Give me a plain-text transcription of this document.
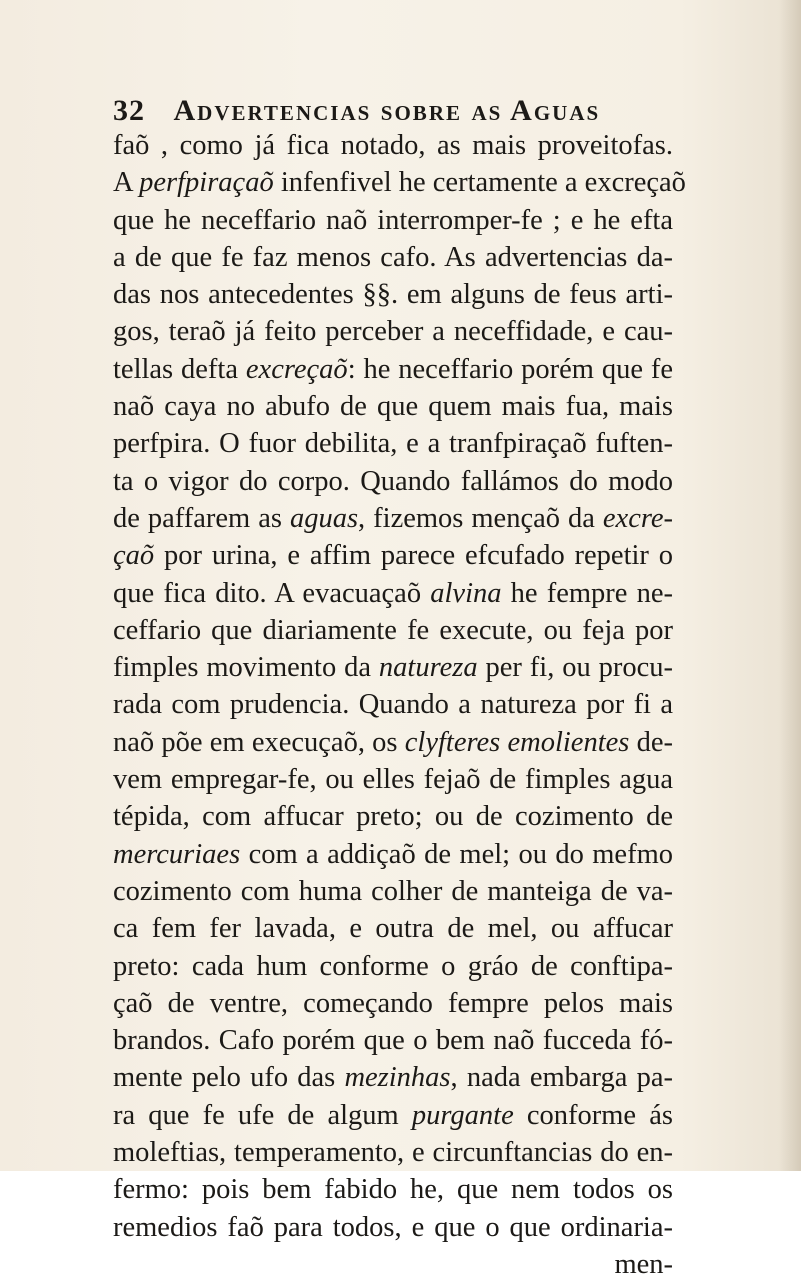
32 Advertencias sobre as Aguas
faõ , como já fica notado, as mais proveitofas.
A perfpiraçaõ infenfivel he certamente a excreçaõ
que he neceffario naõ interromper-fe ; e he efta
a de que fe faz menos cafo. As advertencias da-
das nos antecedentes §§. em alguns de feus arti-
gos, teraõ já feito perceber a neceffidade, e cau-
tellas defta excreçaõ: he neceffario porém que fe
naõ caya no abufo de que quem mais fua, mais
perfpira. O fuor debilita, e a tranfpiraçaõ fuften-
ta o vigor do corpo. Quando fallámos do modo
de paffarem as aguas, fizemos mençaõ da excre-
çaõ por urina, e affim parece efcufado repetir o
que fica dito. A evacuaçaõ alvina he fempre ne-
ceffario que diariamente fe execute, ou feja por
fimples movimento da natureza per fi, ou procu-
rada com prudencia. Quando a natureza por fi a
naõ põe em execuçaõ, os clyfteres emolientes de-
vem empregar-fe, ou elles fejaõ de fimples agua
tépida, com affucar preto; ou de cozimento de
mercuriaes com a addiçaõ de mel; ou do mefmo
cozimento com huma colher de manteiga de va-
ca fem fer lavada, e outra de mel, ou affucar
preto: cada hum conforme o gráo de conftipa-
çaõ de ventre, começando fempre pelos mais
brandos. Cafo porém que o bem naõ fucceda fó-
mente pelo ufo das mezinhas, nada embarga pa-
ra que fe ufe de algum purgante conforme ás
moleftias, temperamento, e circunftancias do en-
fermo: pois bem fabido he, que nem todos os
remedios faõ para todos, e que o que ordinaria-
men-
